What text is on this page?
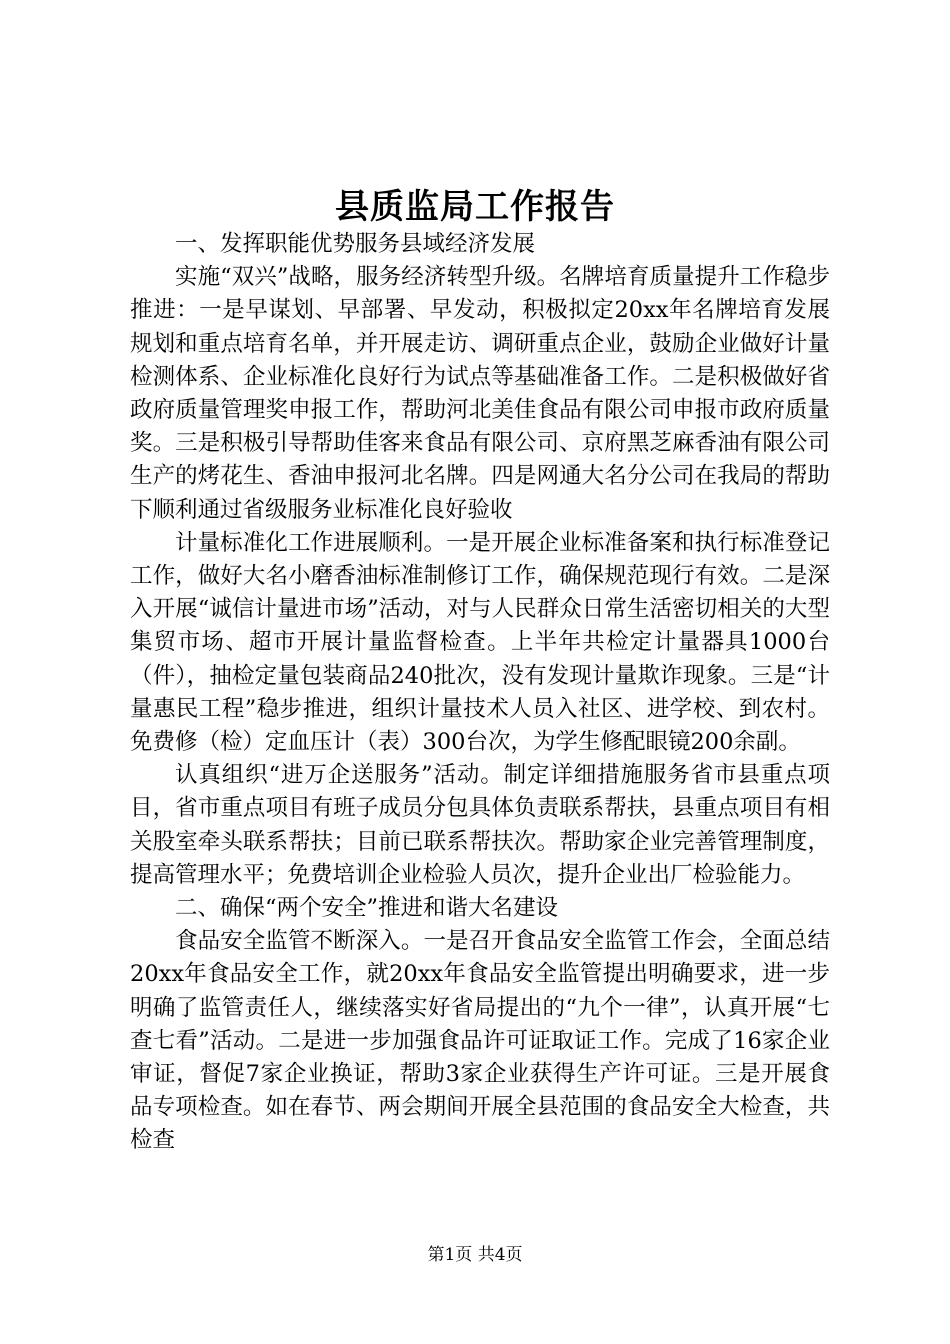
县质监局工作报告

一、发挥职能优势服务县域经济发展

实施“双兴”战略，服务经济转型升级。名牌培育质量提升工作稳步推进：一是早谋划、早部署、早发动，积极拟定20xx年名牌培育发展规划和重点培育名单，并开展走访、调研重点企业，鼓励企业做好计量检测体系、企业标准化良好行为试点等基础准备工作。二是积极做好省政府质量管理奖申报工作，帮助河北美佳食品有限公司申报市政府质量奖。三是积极引导帮助佳客来食品有限公司、京府黑芝麻香油有限公司生产的烤花生、香油申报河北名牌。四是网通大名分公司在我局的帮助下顺利通过省级服务业标准化良好验收

计量标准化工作进展顺利。一是开展企业标准备案和执行标准登记工作，做好大名小磨香油标准制修订工作，确保规范现行有效。二是深入开展“诚信计量进市场”活动，对与人民群众日常生活密切相关的大型集贸市场、超市开展计量监督检查。上半年共检定计量器具1000台（件），抽检定量包装商品240批次，没有发现计量欺诈现象。三是“计量惠民工程”稳步推进，组织计量技术人员入社区、进学校、到农村。免费修（检）定血压计（表）300台次，为学生修配眼镜200余副。

认真组织“进万企送服务”活动。制定详细措施服务省市县重点项目，省市重点项目有班子成员分包具体负责联系帮扶，县重点项目有相关股室牵头联系帮扶；目前已联系帮扶次。帮助家企业完善管理制度，提高管理水平；免费培训企业检验人员次，提升企业出厂检验能力。

二、确保“两个安全”推进和谐大名建设

食品安全监管不断深入。一是召开食品安全监管工作会，全面总结20xx年食品安全工作，就20xx年食品安全监管提出明确要求，进一步明确了监管责任人，继续落实好省局提出的“九个一律”，认真开展“七查七看”活动。二是进一步加强食品许可证取证工作。完成了16家企业审证，督促7家企业换证，帮助3家企业获得生产许可证。三是开展食品专项检查。如在春节、两会期间开展全县范围的食品安全大检查，共检查

第1页 共4页
